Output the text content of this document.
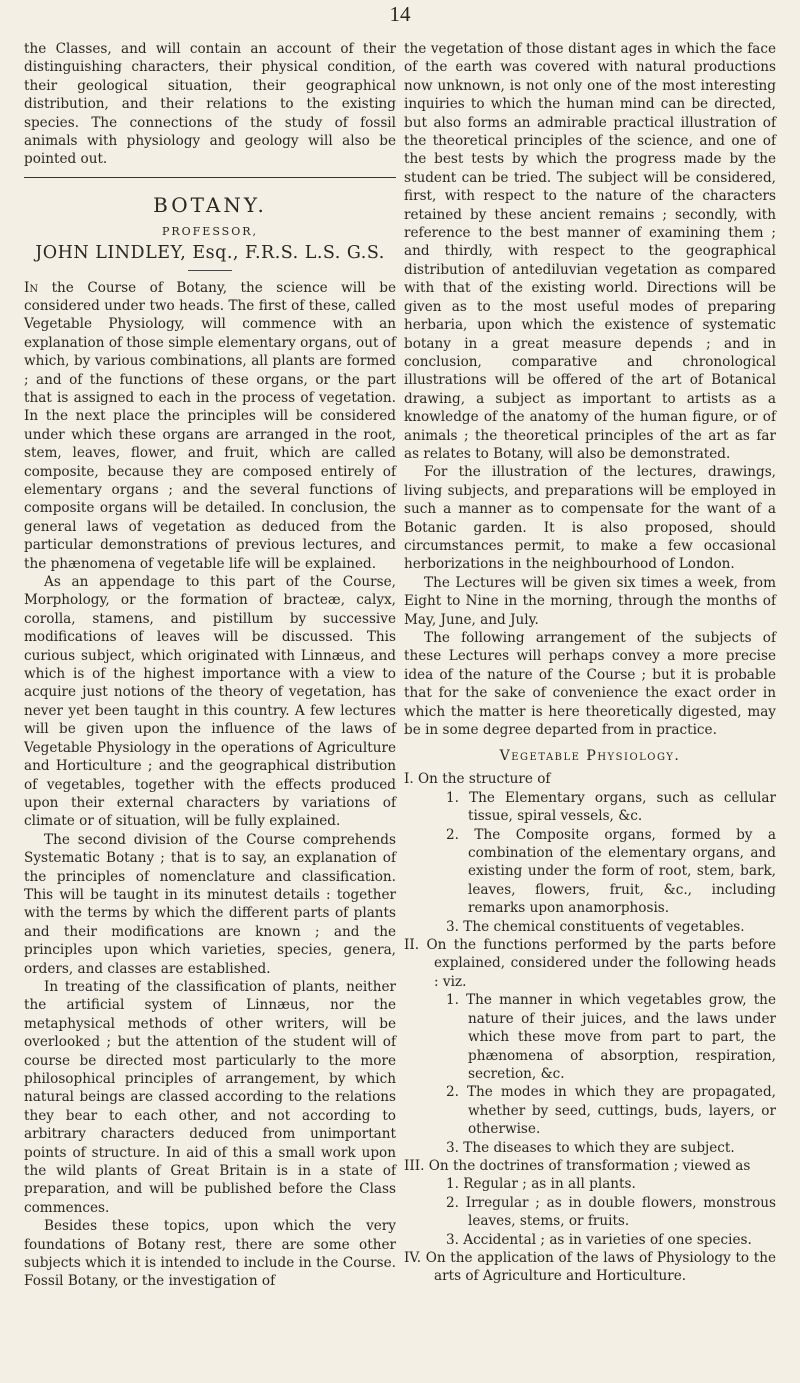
14

the Classes, and will contain an account of their distinguishing characters, their physical condition, their geological situation, their geographical distribution, and their relations to the existing species. The connections of the study of fossil animals with physiology and geology will also be pointed out.

BOTANY.
PROFESSOR,
JOHN LINDLEY, Esq., F.R.S. L.S. G.S.

In the Course of Botany, the science will be considered under two heads. The first of these, called Vegetable Physiology, will commence with an explanation of those simple elementary organs, out of which, by various combinations, all plants are formed ; and of the functions of these organs, or the part that is assigned to each in the process of vegetation. In the next place the principles will be considered under which these organs are arranged in the root, stem, leaves, flower, and fruit, which are called composite, because they are composed entirely of elementary organs ; and the several functions of composite organs will be detailed. In conclusion, the general laws of vegetation as deduced from the particular demonstrations of previous lectures, and the phænomena of vegetable life will be explained.

As an appendage to this part of the Course, Morphology, or the formation of bracteæ, calyx, corolla, stamens, and pistillum by successive modifications of leaves will be discussed. This curious subject, which originated with Linnæus, and which is of the highest importance with a view to acquire just notions of the theory of vegetation, has never yet been taught in this country. A few lectures will be given upon the influence of the laws of Vegetable Physiology in the operations of Agriculture and Horticulture ; and the geographical distribution of vegetables, together with the effects produced upon their external characters by variations of climate or of situation, will be fully explained.

The second division of the Course comprehends Systematic Botany ; that is to say, an explanation of the principles of nomenclature and classification. This will be taught in its minutest details : together with the terms by which the different parts of plants and their modifications are known ; and the principles upon which varieties, species, genera, orders, and classes are established.

In treating of the classification of plants, neither the artificial system of Linnæus, nor the metaphysical methods of other writers, will be overlooked ; but the attention of the student will of course be directed most particularly to the more philosophical principles of arrangement, by which natural beings are classed according to the relations they bear to each other, and not according to arbitrary characters deduced from unimportant points of structure. In aid of this a small work upon the wild plants of Great Britain is in a state of preparation, and will be published before the Class commences.

Besides these topics, upon which the very foundations of Botany rest, there are some other subjects which it is intended to include in the Course. Fossil Botany, or the investigation of

the vegetation of those distant ages in which the face of the earth was covered with natural productions now unknown, is not only one of the most interesting inquiries to which the human mind can be directed, but also forms an admirable practical illustration of the theoretical principles of the science, and one of the best tests by which the progress made by the student can be tried. The subject will be considered, first, with respect to the nature of the characters retained by these ancient remains ; secondly, with reference to the best manner of examining them ; and thirdly, with respect to the geographical distribution of antediluvian vegetation as compared with that of the existing world. Directions will be given as to the most useful modes of preparing herbaria, upon which the existence of systematic botany in a great measure depends ; and in conclusion, comparative and chronological illustrations will be offered of the art of Botanical drawing, a subject as important to artists as a knowledge of the anatomy of the human figure, or of animals ; the theoretical principles of the art as far as relates to Botany, will also be demonstrated.

For the illustration of the lectures, drawings, living subjects, and preparations will be employed in such a manner as to compensate for the want of a Botanic garden. It is also proposed, should circumstances permit, to make a few occasional herborizations in the neighbourhood of London.

The Lectures will be given six times a week, from Eight to Nine in the morning, through the months of May, June, and July.

The following arrangement of the subjects of these Lectures will perhaps convey a more precise idea of the nature of the Course ; but it is probable that for the sake of convenience the exact order in which the matter is here theoretically digested, may be in some degree departed from in practice.

Vegetable Physiology.
I. On the structure of
1. The Elementary organs, such as cellular tissue, spiral vessels, &c.
2. The Composite organs, formed by a combination of the elementary organs, and existing under the form of root, stem, bark, leaves, flowers, fruit, &c., including remarks upon anamorphosis.
3. The chemical constituents of vegetables.
II. On the functions performed by the parts before explained, considered under the following heads : viz.
1. The manner in which vegetables grow, the nature of their juices, and the laws under which these move from part to part, the phænomena of absorption, respiration, secretion, &c.
2. The modes in which they are propagated, whether by seed, cuttings, buds, layers, or otherwise.
3. The diseases to which they are subject.
III. On the doctrines of transformation ; viewed as
1. Regular ; as in all plants.
2. Irregular ; as in double flowers, monstrous leaves, stems, or fruits.
3. Accidental ; as in varieties of one species.
IV. On the application of the laws of Physiology to the arts of Agriculture and Horticulture.
